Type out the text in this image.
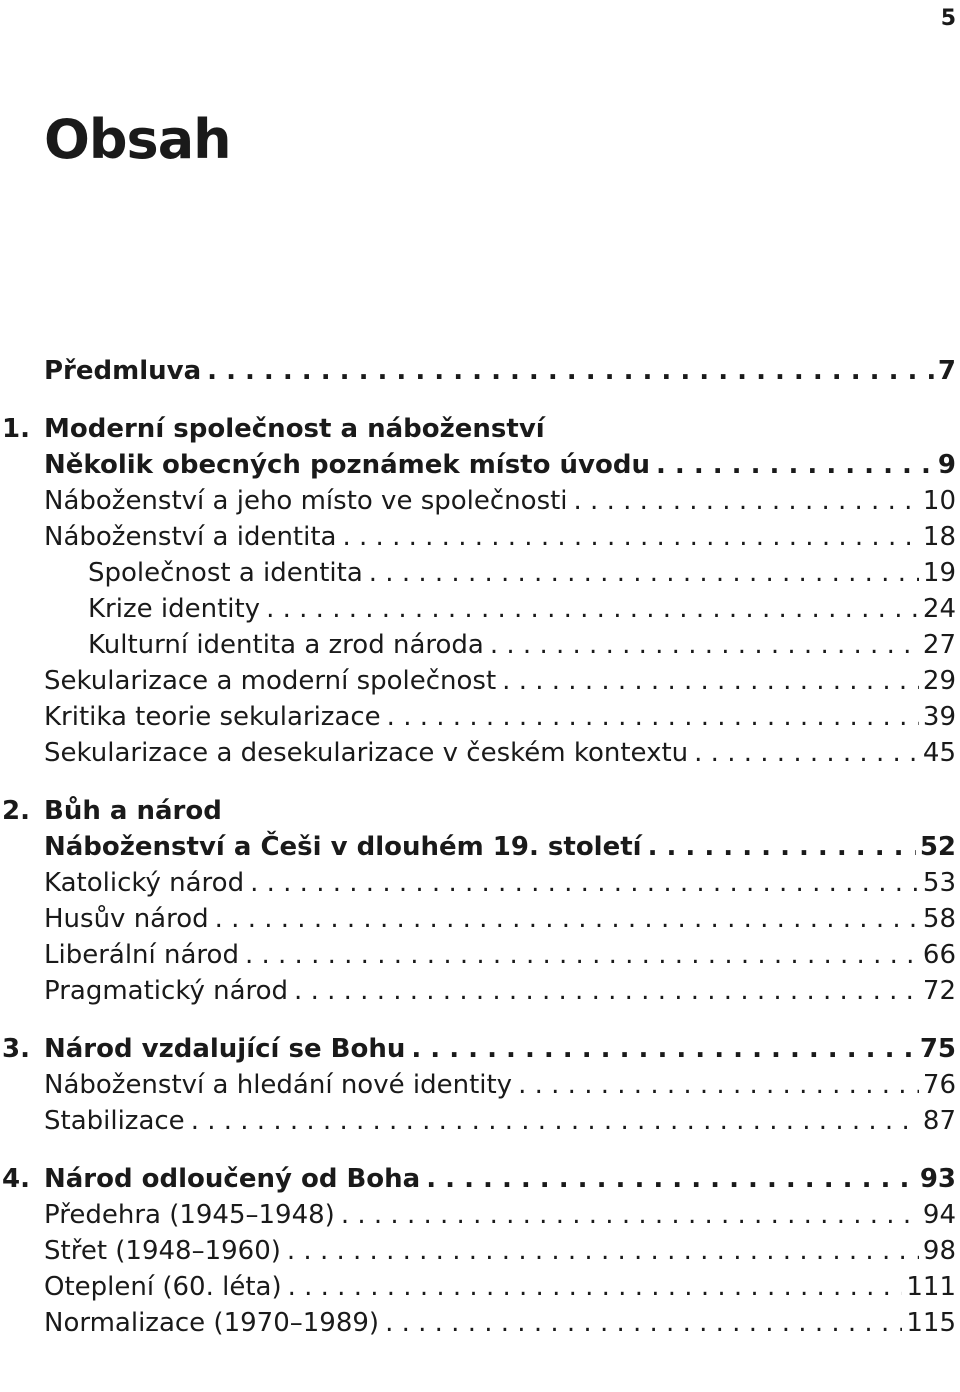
5
Obsah
Předmluva . . .	7
1. Moderní společnost a náboženství
Několik obecných poznámek místo úvodu . . .	9
Náboženství a jeho místo ve společnosti . . .	10
Náboženství a identita . . .	18
Společnost a identita . . .	19
Krize identity . . .	24
Kulturní identita a zrod národa . . .	27
Sekularizace a moderní společnost . . .	29
Kritika teorie sekularizace . . .	39
Sekularizace a desekularizace v českém kontextu . . .	45
2. Bůh a národ
Náboženství a Češi v dlouhém 19. století . . .	52
Katolický národ . . .	53
Husův národ . . .	58
Liberální národ . . .	66
Pragmatický národ . . .	72
3. Národ vzdalující se Bohu . . .	75
Náboženství a hledání nové identity . . .	76
Stabilizace . . .	87
4. Národ odloučený od Boha . . .	93
Předehra (1945–1948) . . .	94
Střet (1948–1960) . . .	98
Oteplení (60. léta) . . .	111
Normalizace (1970–1989) . . .	115
